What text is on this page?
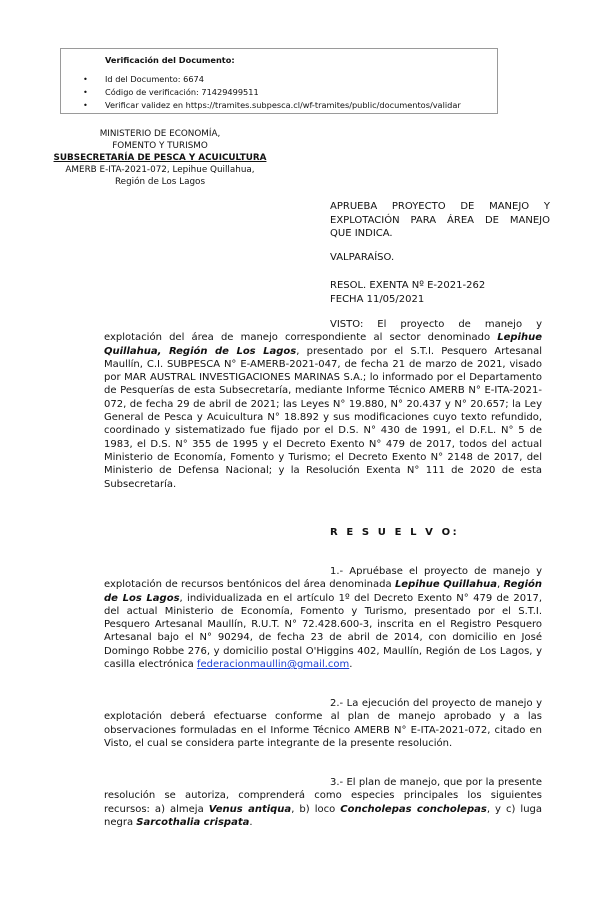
Verificación del Documento:
• Id del Documento: 6674
• Código de verificación: 71429499511
• Verificar validez en https://tramites.subpesca.cl/wf-tramites/public/documentos/validar
MINISTERIO DE ECONOMÍA,
FOMENTO Y TURISMO
SUBSECRETARÍA DE PESCA Y ACUICULTURA
AMERB E-ITA-2021-072, Lepihue Quillahua,
Región de Los Lagos
APRUEBA PROYECTO DE MANEJO Y
EXPLOTACIÓN PARA ÁREA DE MANEJO
QUE INDICA.
VALPARAÍSO.
RESOL. EXENTA Nº E-2021-262
FECHA 11/05/2021

VISTO: El proyecto de manejo y explotación del área de manejo correspondiente al sector denominado Lepihue Quillahua, Región de Los Lagos, presentado por el S.T.I. Pesquero Artesanal Maullín, C.I. SUBPESCA N° E-AMERB-2021-047, de fecha 21 de marzo de 2021, visado por MAR AUSTRAL INVESTIGACIONES MARINAS S.A.; lo informado por el Departamento de Pesquerías de esta Subsecretaría, mediante Informe Técnico AMERB N° E-ITA-2021-072, de fecha 29 de abril de 2021; las Leyes N° 19.880, N° 20.437 y N° 20.657; la Ley General de Pesca y Acuicultura N° 18.892 y sus modificaciones cuyo texto refundido, coordinado y sistematizado fue fijado por el D.S. N° 430 de 1991, el D.F.L. N° 5 de 1983, el D.S. N° 355 de 1995 y el Decreto Exento N° 479 de 2017, todos del actual Ministerio de Economía, Fomento y Turismo; el Decreto Exento N° 2148 de 2017, del Ministerio de Defensa Nacional; y la Resolución Exenta N° 111 de 2020 de esta Subsecretaría.

R E S U E L V O:

1.- Apruébase el proyecto de manejo y explotación de recursos bentónicos del área denominada Lepihue Quillahua, Región de Los Lagos, individualizada en el artículo 1º del Decreto Exento N° 479 de 2017, del actual Ministerio de Economía, Fomento y Turismo, presentado por el S.T.I. Pesquero Artesanal Maullín, R.U.T. N° 72.428.600-3, inscrita en el Registro Pesquero Artesanal bajo el N° 90294, de fecha 23 de abril de 2014, con domicilio en José Domingo Robbe 276, y domicilio postal O'Higgins 402, Maullín, Región de Los Lagos, y casilla electrónica federacionmaullin@gmail.com.

2.- La ejecución del proyecto de manejo y explotación deberá efectuarse conforme al plan de manejo aprobado y a las observaciones formuladas en el Informe Técnico AMERB N° E-ITA-2021-072, citado en Visto, el cual se considera parte integrante de la presente resolución.

3.- El plan de manejo, que por la presente resolución se autoriza, comprenderá como especies principales los siguientes recursos: a) almeja Venus antiqua, b) loco Concholepas concholepas, y c) luga negra Sarcothalia crispata.
